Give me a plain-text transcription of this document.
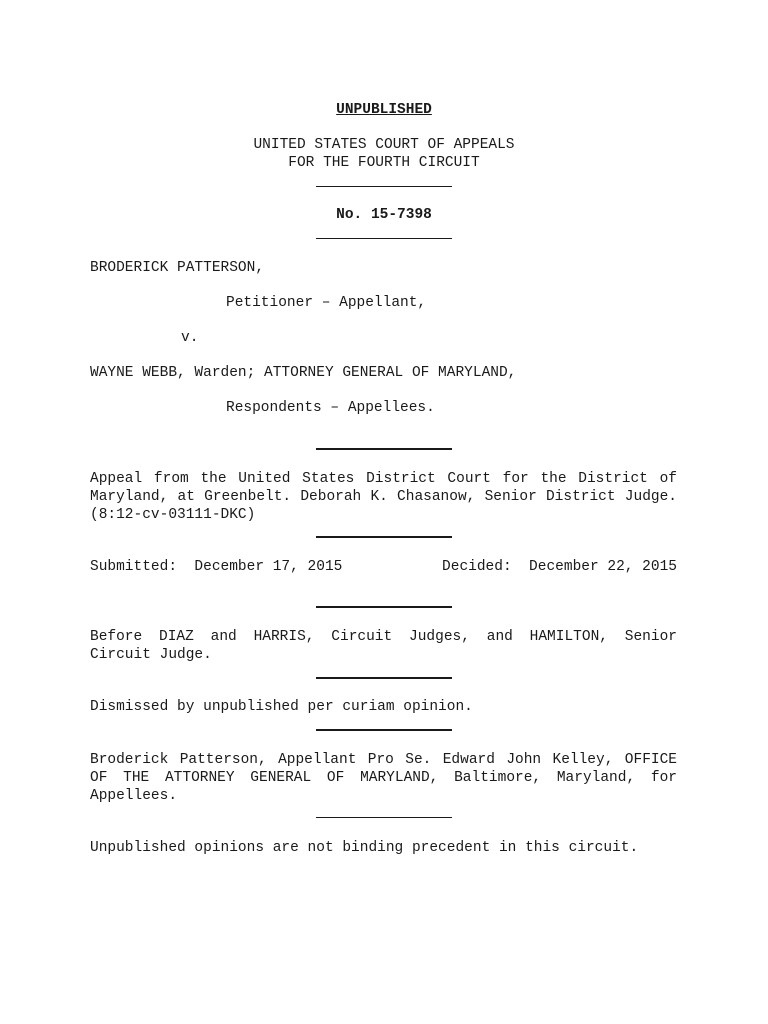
UNPUBLISHED
UNITED STATES COURT OF APPEALS
FOR THE FOURTH CIRCUIT
No. 15-7398
BRODERICK PATTERSON,
Petitioner – Appellant,
v.
WAYNE WEBB, Warden; ATTORNEY GENERAL OF MARYLAND,
Respondents – Appellees.
Appeal from the United States District Court for the District of Maryland, at Greenbelt. Deborah K. Chasanow, Senior District Judge. (8:12-cv-03111-DKC)
Submitted:  December 17, 2015	Decided:  December 22, 2015
Before DIAZ and HARRIS, Circuit Judges, and HAMILTON, Senior Circuit Judge.
Dismissed by unpublished per curiam opinion.
Broderick Patterson, Appellant Pro Se. Edward John Kelley, OFFICE OF THE ATTORNEY GENERAL OF MARYLAND, Baltimore, Maryland, for Appellees.
Unpublished opinions are not binding precedent in this circuit.
